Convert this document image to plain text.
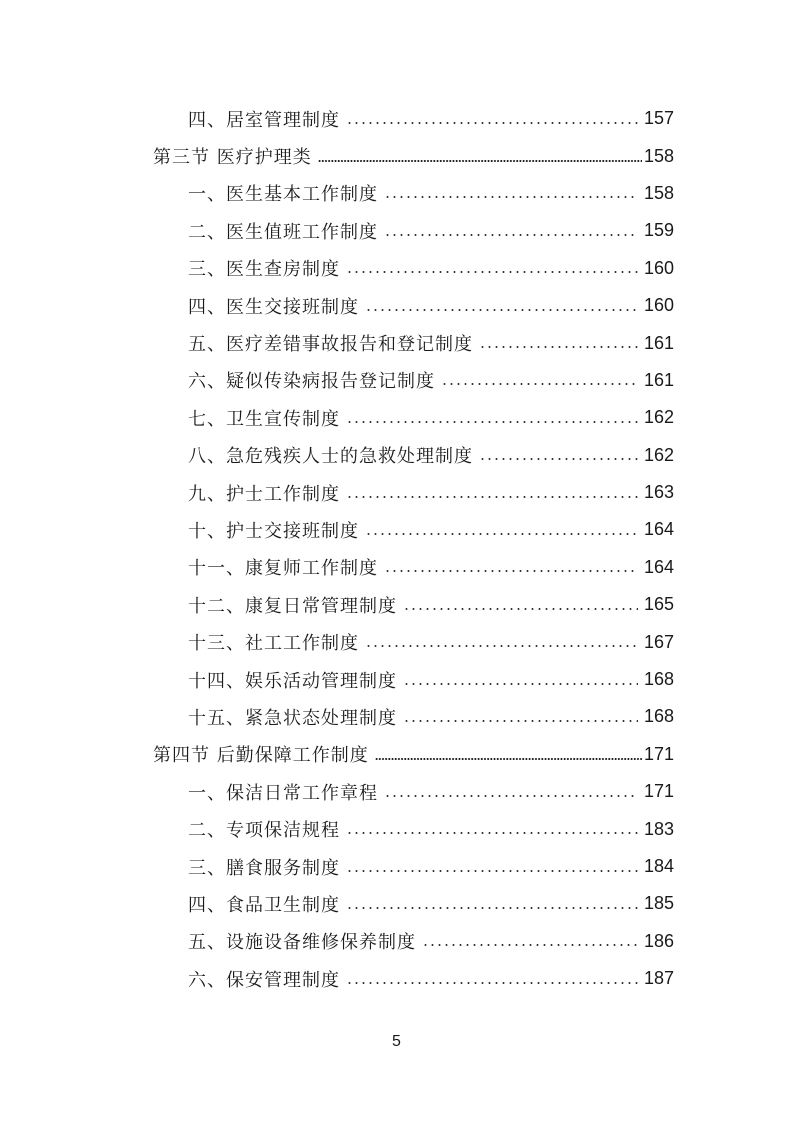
四、居室管理制度	157
第三节 医疗护理类	158
一、医生基本工作制度	158
二、医生值班工作制度	159
三、医生查房制度	160
四、医生交接班制度	160
五、医疗差错事故报告和登记制度	161
六、疑似传染病报告登记制度	161
七、卫生宣传制度	162
八、急危残疾人士的急救处理制度	162
九、护士工作制度	163
十、护士交接班制度	164
十一、康复师工作制度	164
十二、康复日常管理制度	165
十三、社工工作制度	167
十四、娱乐活动管理制度	168
十五、紧急状态处理制度	168
第四节 后勤保障工作制度	171
一、保洁日常工作章程	171
二、专项保洁规程	183
三、膳食服务制度	184
四、食品卫生制度	185
五、设施设备维修保养制度	186
六、保安管理制度	187
5
